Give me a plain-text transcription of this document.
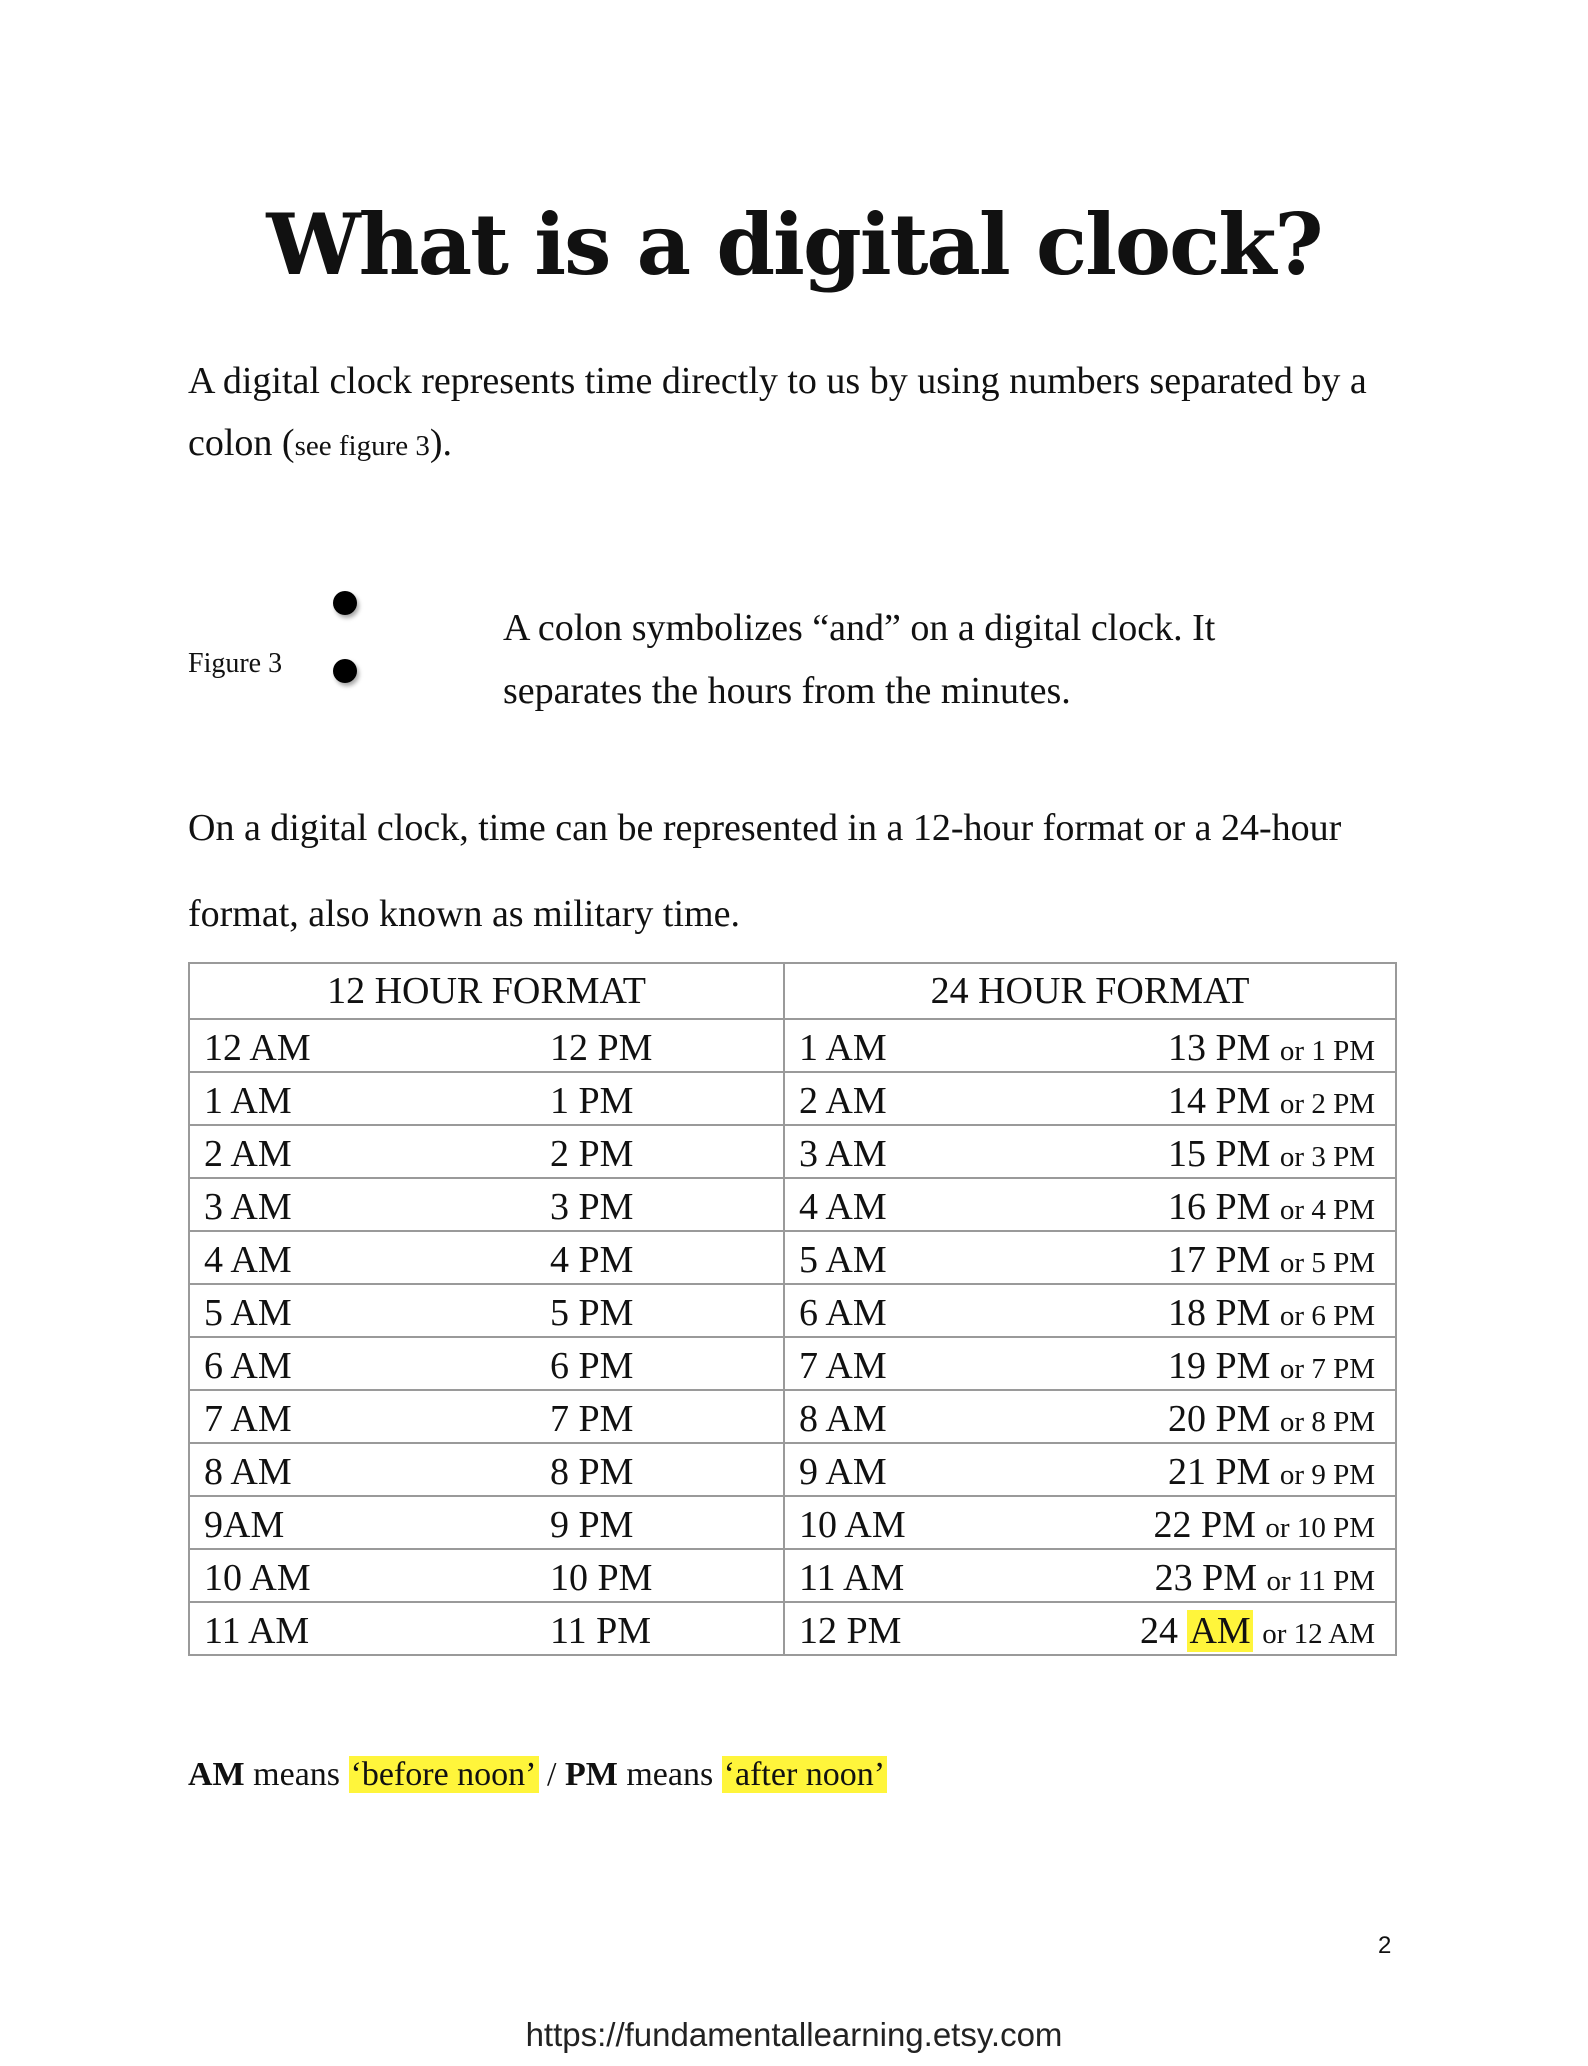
What is a digital clock?

A digital clock represents time directly to us by using numbers separated by a colon (see figure 3).

Figure 3

A colon symbolizes “and” on a digital clock. It separates the hours from the minutes.

On a digital clock, time can be represented in a 12-hour format or a 24-hour format, also known as military time.

12 HOUR FORMAT	24 HOUR FORMAT

12 AM 12 PM	1 AM 13 PM or 1 PM

1 AM 1 PM	2 AM 14 PM or 2 PM

2 AM 2 PM	3 AM 15 PM or 3 PM

3 AM 3 PM	4 AM 16 PM or 4 PM

4 AM 4 PM	5 AM 17 PM or 5 PM

5 AM 5 PM	6 AM 18 PM or 6 PM

6 AM 6 PM	7 AM 19 PM or 7 PM

7 AM 7 PM	8 AM 20 PM or 8 PM

8 AM 8 PM	9 AM 21 PM or 9 PM

9AM 9 PM	10 AM 22 PM or 10 PM

10 AM 10 PM	11 AM 23 PM or 11 PM

11 AM 11 PM	12 PM 24 AM or 12 AM

AM means ‘before noon’ / PM means ‘after noon’

2
https://fundamentallearning.etsy.com
